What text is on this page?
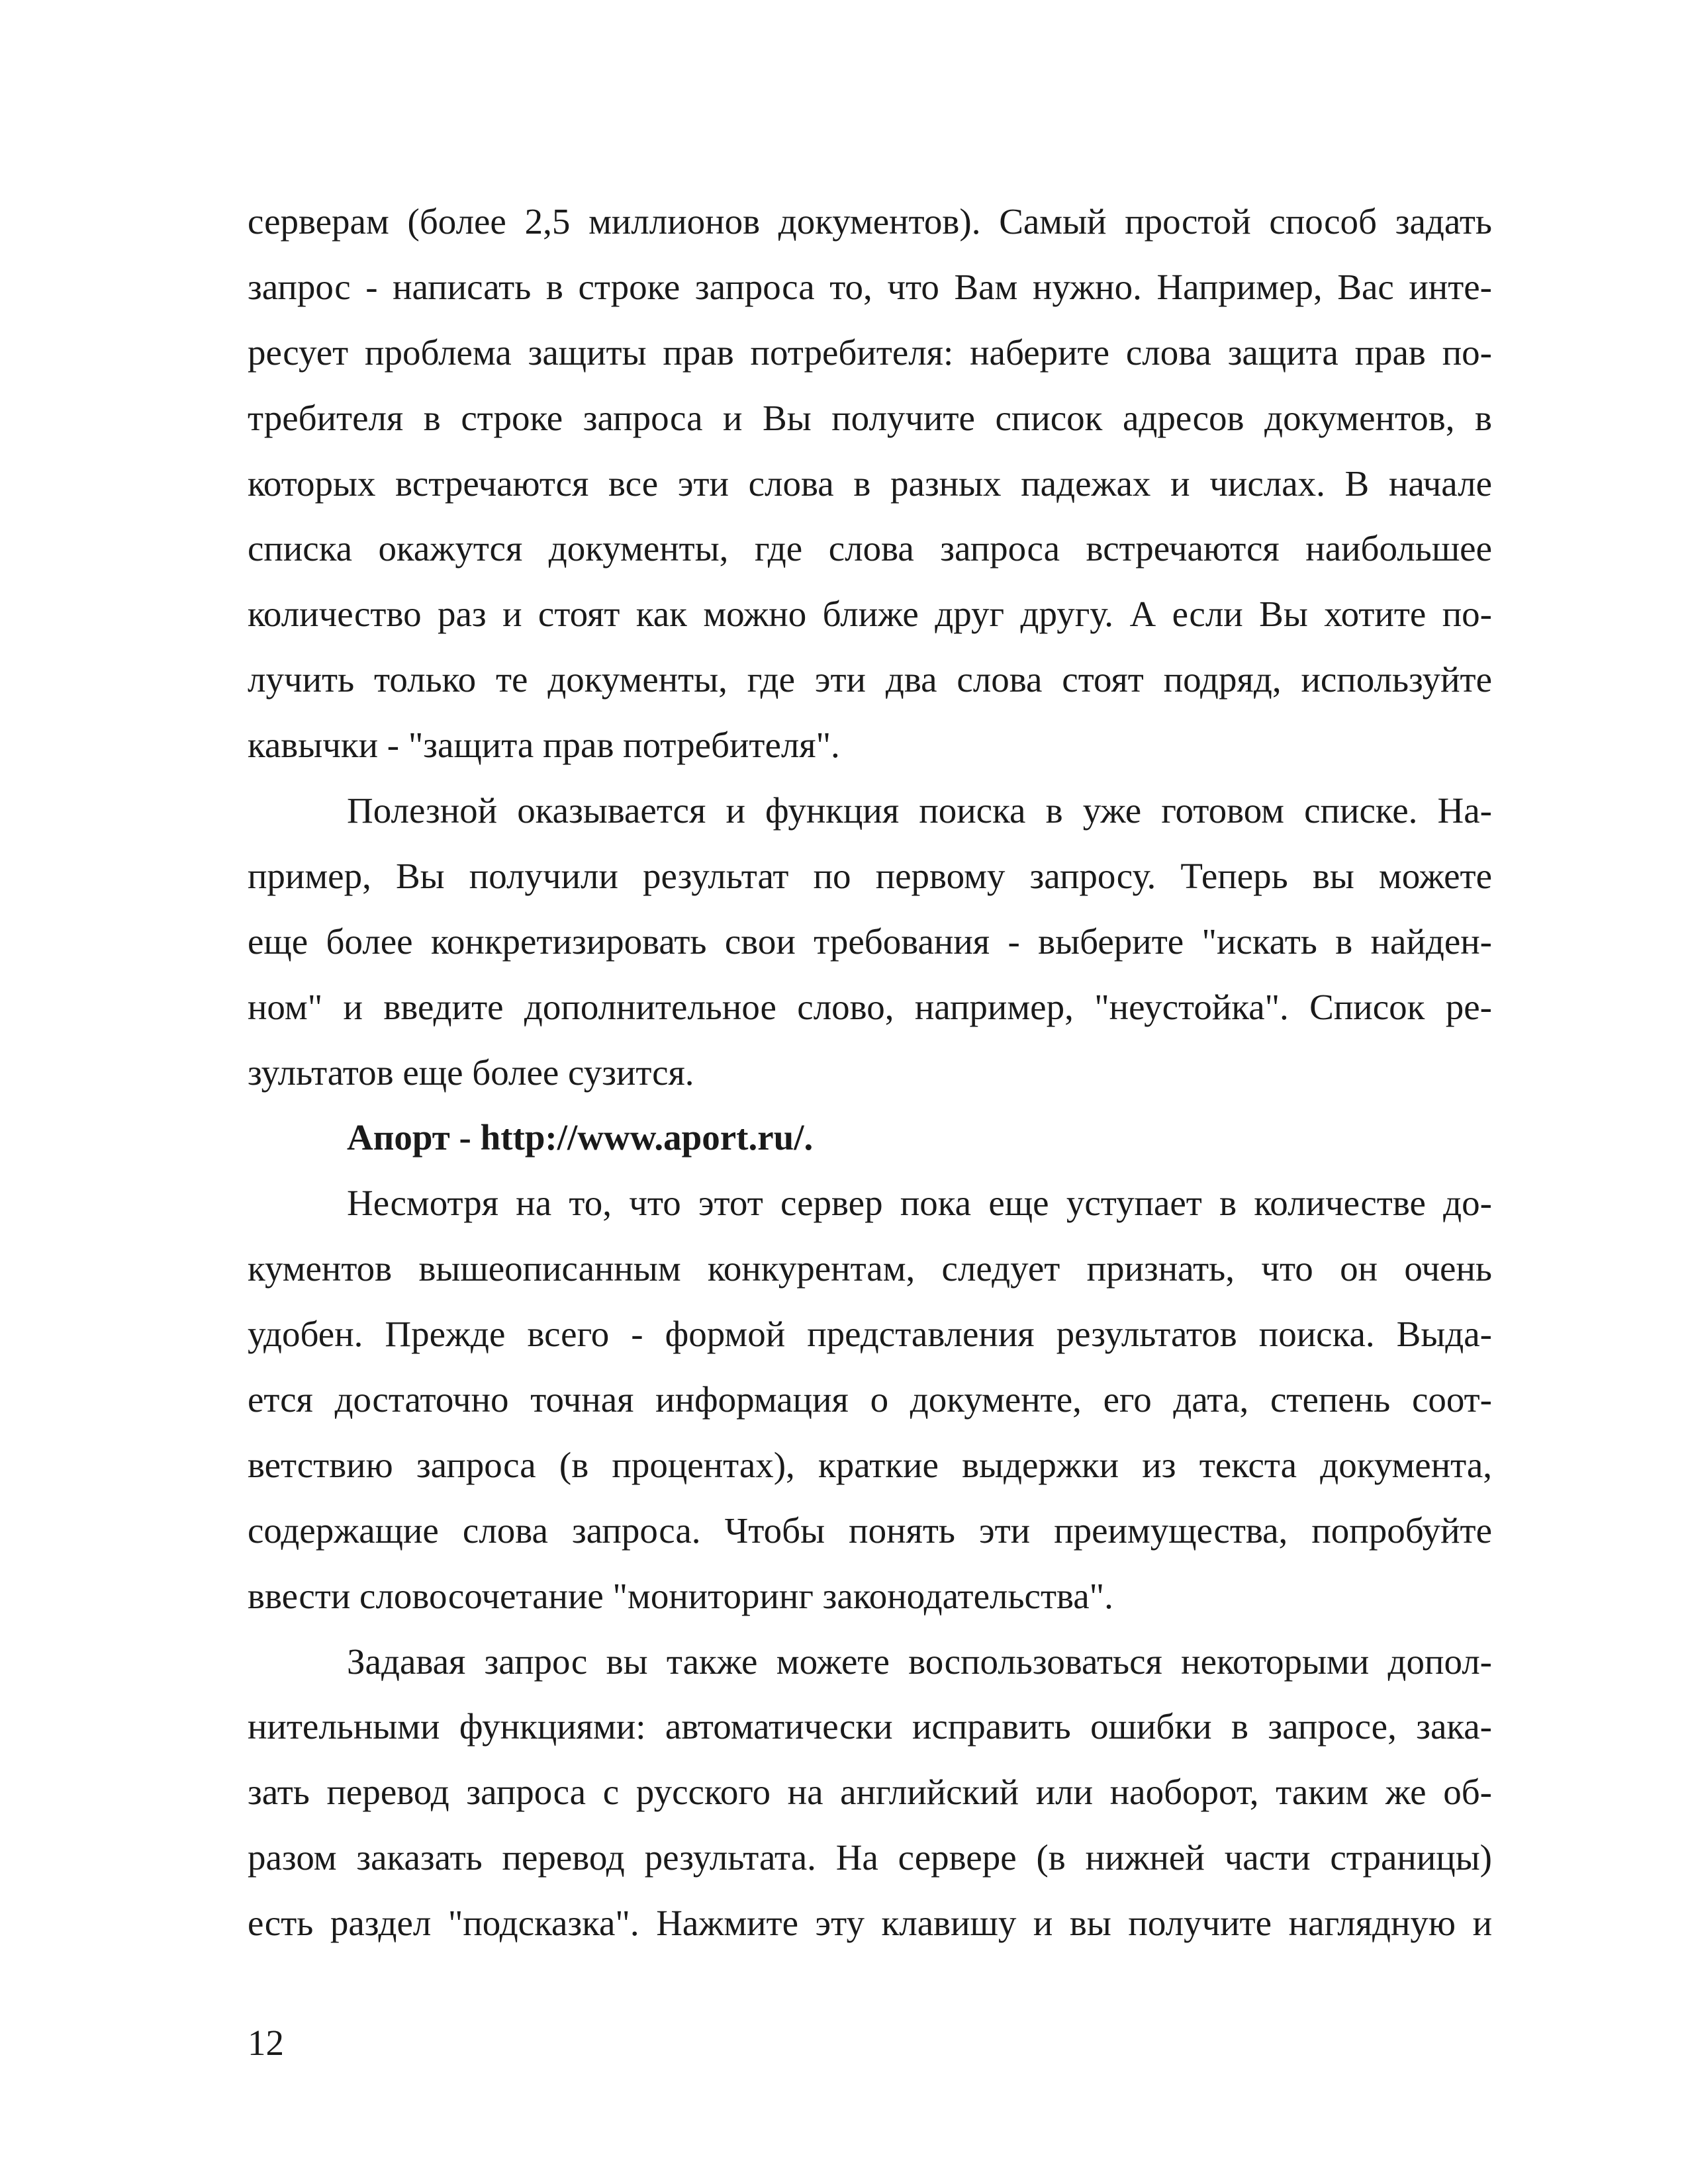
серверам (более 2,5 миллионов документов). Самый простой способ задать
запрос - написать в строке запроса то, что Вам нужно. Например, Вас инте-
ресует проблема защиты прав потребителя: наберите слова защита прав по-
требителя в строке запроса и Вы получите список адресов документов, в
которых встречаются все эти слова в разных падежах и числах. В начале
списка окажутся документы, где слова запроса встречаются наибольшее
количество раз и стоят как можно ближе друг другу. А если Вы хотите по-
лучить только те документы, где эти два слова стоят подряд, используйте
кавычки - "защита прав потребителя".
Полезной оказывается и функция поиска в уже готовом списке. На-
пример, Вы получили результат по первому запросу. Теперь вы можете
еще более конкретизировать свои требования - выберите "искать в найден-
ном" и введите дополнительное слово, например, "неустойка". Список ре-
зультатов еще более сузится.
Апорт - http://www.aport.ru/.
Несмотря на то, что этот сервер пока еще уступает в количестве до-
кументов вышеописанным конкурентам, следует признать, что он очень
удобен. Прежде всего - формой представления результатов поиска. Выда-
ется достаточно точная информация о документе, его дата, степень соот-
ветствию запроса (в процентах), краткие выдержки из текста документа,
содержащие слова запроса. Чтобы понять эти преимущества, попробуйте
ввести словосочетание "мониторинг законодательства".
Задавая запрос вы также можете воспользоваться некоторыми допол-
нительными функциями: автоматически исправить ошибки в запросе, зака-
зать перевод запроса с русского на английский или наоборот, таким же об-
разом заказать перевод результата. На сервере (в нижней части страницы)
есть раздел "подсказка". Нажмите эту клавишу и вы получите наглядную и
12
